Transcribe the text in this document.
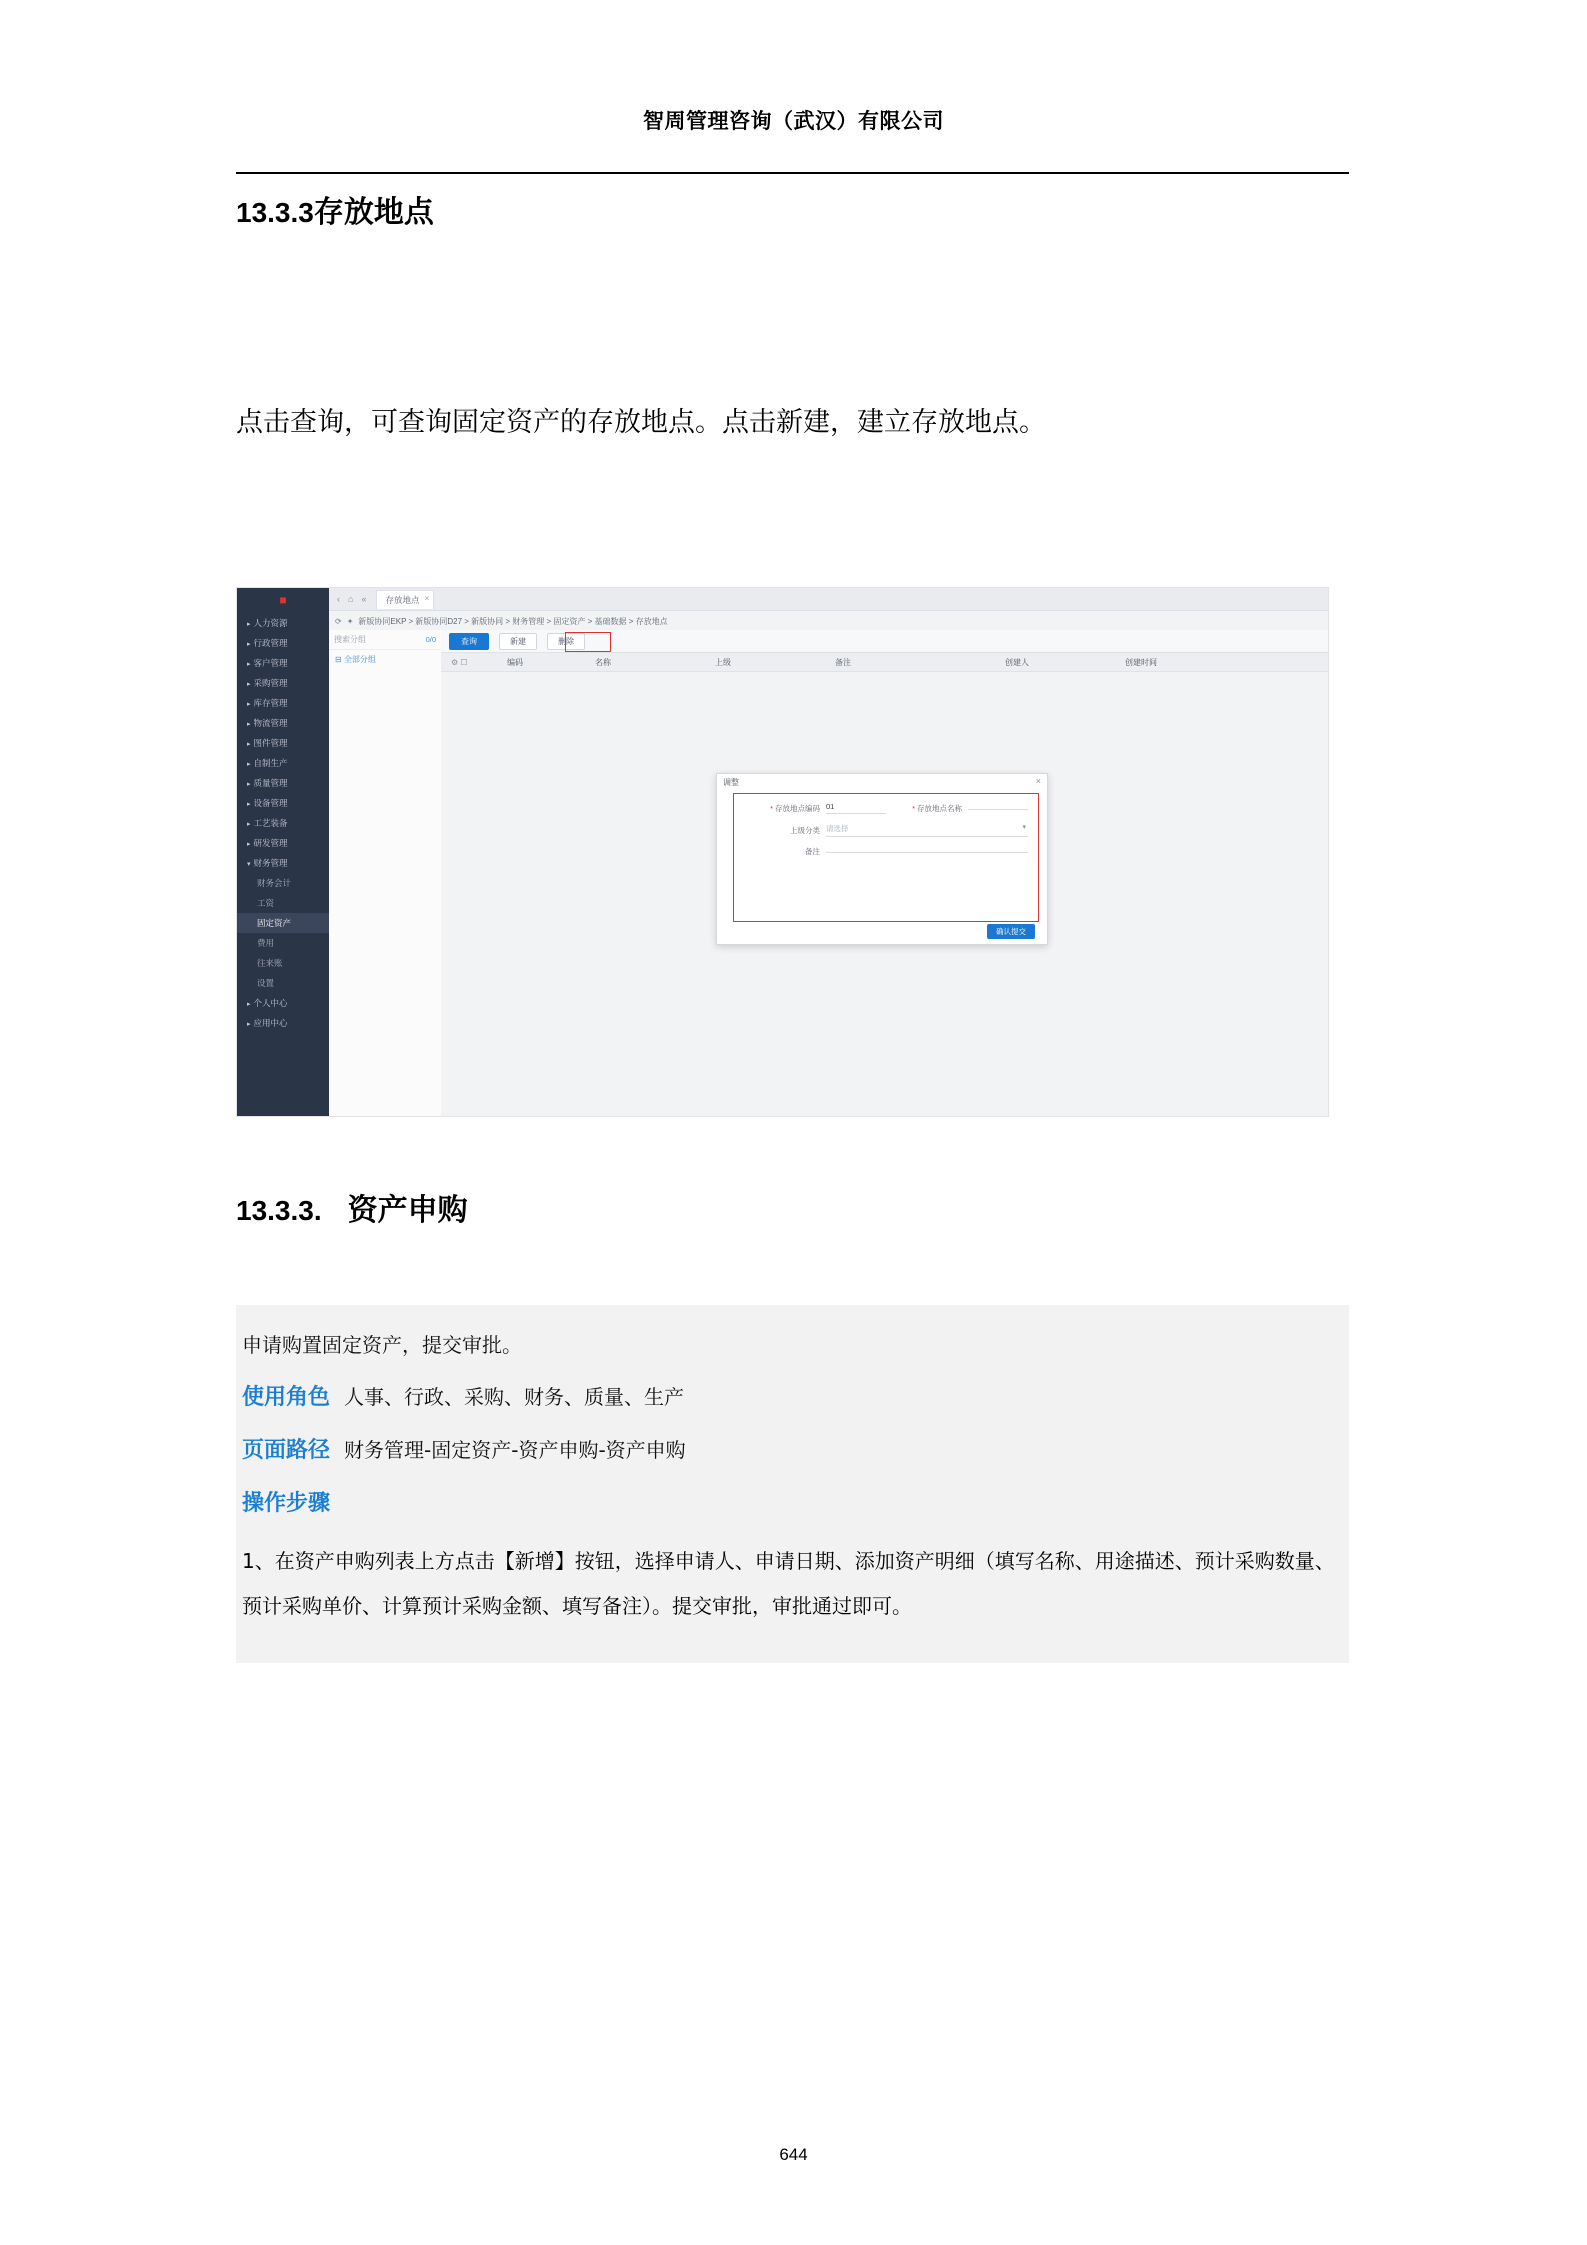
智周管理咨询（武汉）有限公司
13.3.3存放地点
点击查询，可查询固定资产的存放地点。点击新建，建立存放地点。
■
▸ 人力资源
▸ 行政管理
▸ 客户管理
▸ 采购管理
▸ 库存管理
▸ 物流管理
▸ 图件管理
▸ 自制生产
▸ 质量管理
▸ 设备管理
▸ 工艺装备
▸ 研发管理
▾ 财务管理
财务会计
工资
固定资产
费用
往来账
设置
▸ 个人中心
▸ 应用中心
‹ ⌂ «	存放地点 ×
⟳ ✦ 新版协同EKP > 新版协同D27 > 新版协同 > 财务管理 > 固定资产 > 基础数据 > 存放地点
搜索分组	0/0
⊟ 全部分组
查询	新建	删除
⚙ ☐	编码	名称	上级	备注	创建人	创建时间
调整	×
* 存放地点编码 01	* 存放地点名称
上级分类 请选择	▾
备注
确认提交
13.3.3. 资产申购
申请购置固定资产，提交审批。
使用角色 人事、行政、采购、财务、质量、生产
页面路径 财务管理-固定资产-资产申购-资产申购
操作步骤
1、在资产申购列表上方点击【新增】按钮，选择申请人、申请日期、添加资产明细（填写名称、用途描述、预计采购数量、预计采购单价、计算预计采购金额、填写备注）。提交审批，审批通过即可。
644
